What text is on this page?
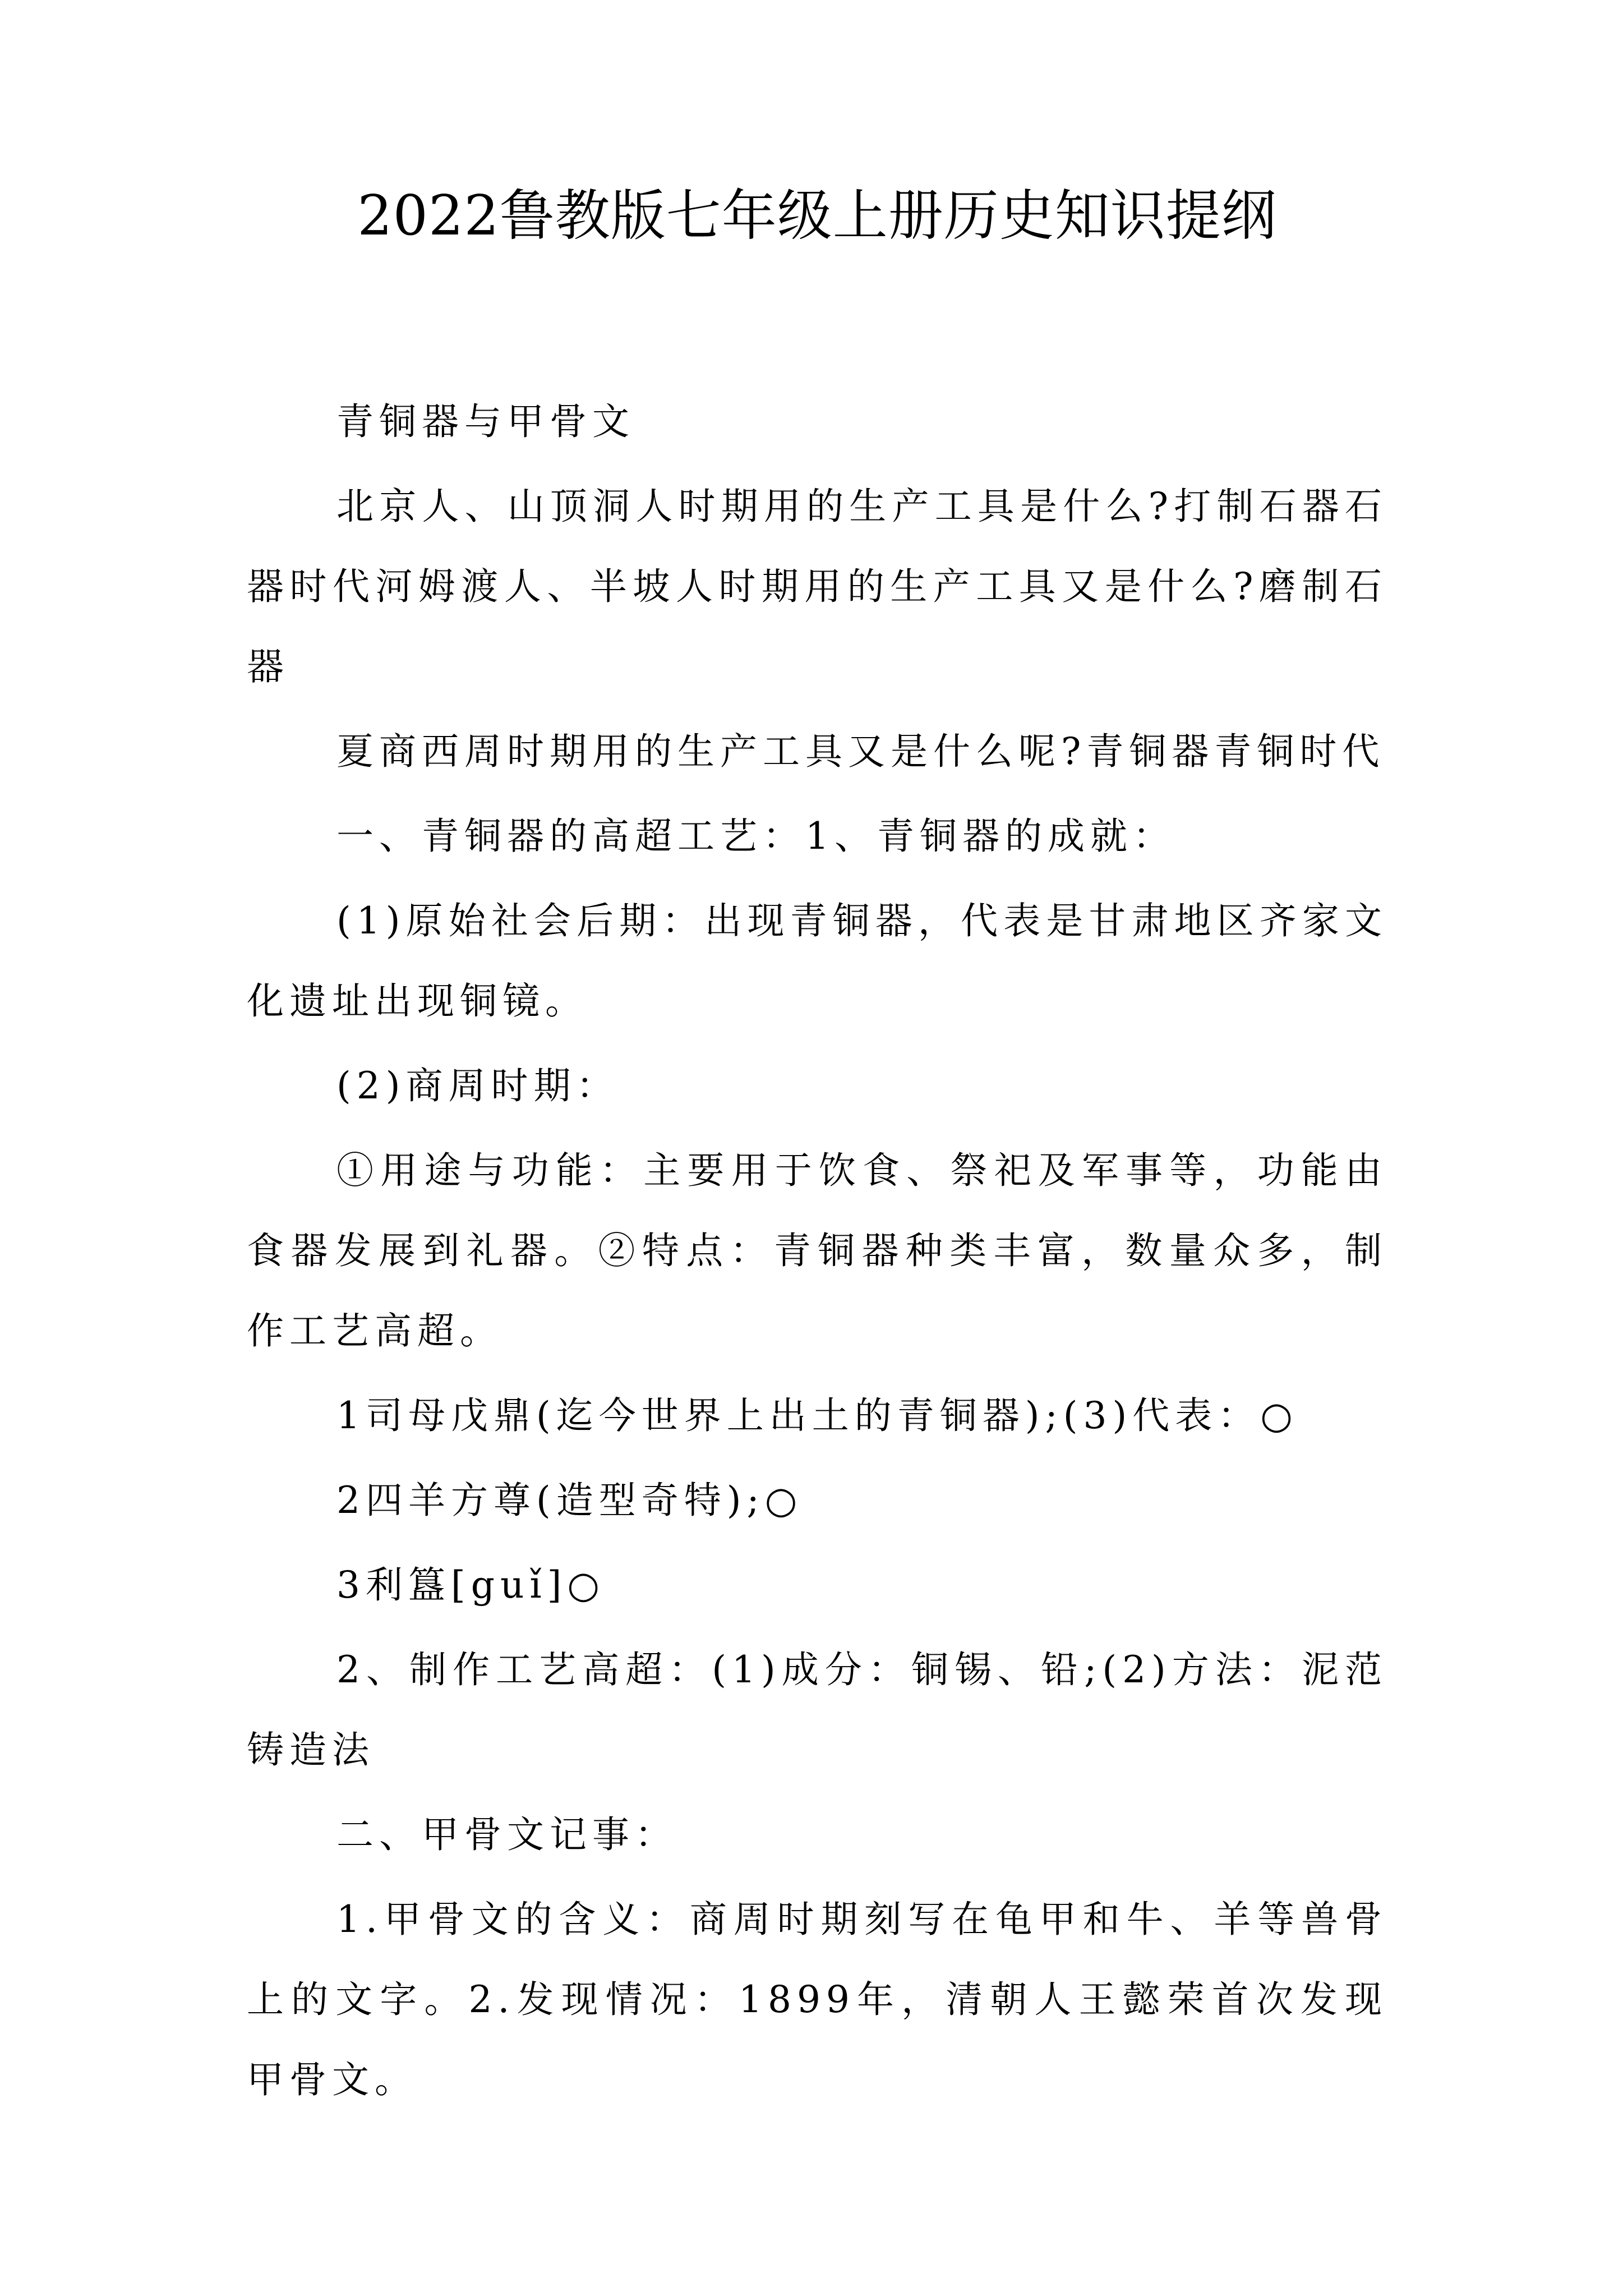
2022鲁教版七年级上册历史知识提纲

青铜器与甲骨文

北京人、山顶洞人时期用的生产工具是什么?打制石器石器时代河姆渡人、半坡人时期用的生产工具又是什么?磨制石器

夏商西周时期用的生产工具又是什么呢?青铜器青铜时代

一、青铜器的高超工艺：1、青铜器的成就：

(1)原始社会后期：出现青铜器，代表是甘肃地区齐家文化遗址出现铜镜。

(2)商周时期：

①用途与功能：主要用于饮食、祭祀及军事等，功能由食器发展到礼器。②特点：青铜器种类丰富，数量众多，制作工艺高超。

1司母戊鼎(迄今世界上出土的青铜器);(3)代表：○

2四羊方尊(造型奇特);○

3利簋[guǐ]○

2、制作工艺高超：(1)成分：铜锡、铅;(2)方法：泥范铸造法

二、甲骨文记事：

1.甲骨文的含义：商周时期刻写在龟甲和牛、羊等兽骨上的文字。2.发现情况：1899年，清朝人王懿荣首次发现甲骨文。
